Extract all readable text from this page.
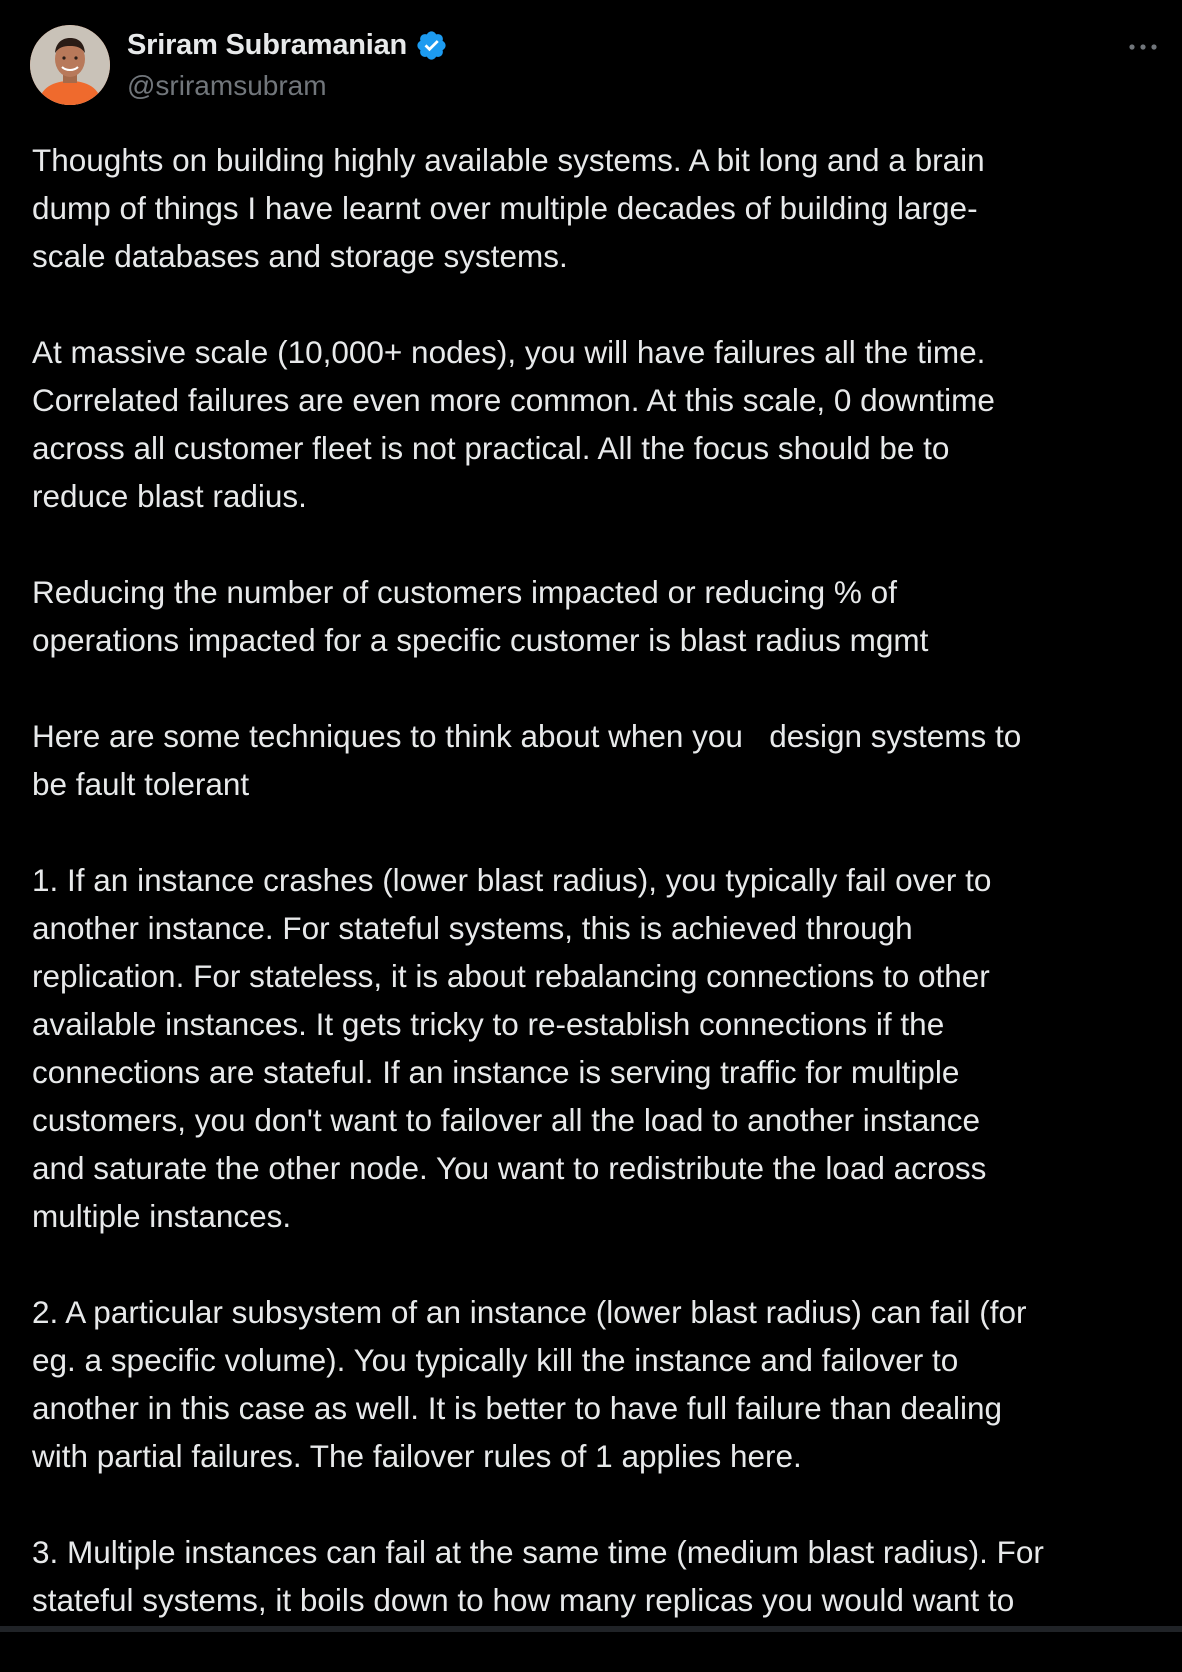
Sriram Subramanian
@sriramsubram
Thoughts on building highly available systems. A bit long and a brain
dump of things I have learnt over multiple decades of building large-
scale databases and storage systems.
At massive scale (10,000+ nodes), you will have failures all the time.
Correlated failures are even more common. At this scale, 0 downtime
across all customer fleet is not practical. All the focus should be to
reduce blast radius.
Reducing the number of customers impacted or reducing % of
operations impacted for a specific customer is blast radius mgmt
Here are some techniques to think about when you   design systems to
be fault tolerant
1. If an instance crashes (lower blast radius), you typically fail over to
another instance. For stateful systems, this is achieved through
replication. For stateless, it is about rebalancing connections to other
available instances. It gets tricky to re-establish connections if the
connections are stateful. If an instance is serving traffic for multiple
customers, you don't want to failover all the load to another instance
and saturate the other node. You want to redistribute the load across
multiple instances.
2. A particular subsystem of an instance (lower blast radius) can fail (for
eg. a specific volume). You typically kill the instance and failover to
another in this case as well. It is better to have full failure than dealing
with partial failures. The failover rules of 1 applies here.
3. Multiple instances can fail at the same time (medium blast radius). For
stateful systems, it boils down to how many replicas you would want to
